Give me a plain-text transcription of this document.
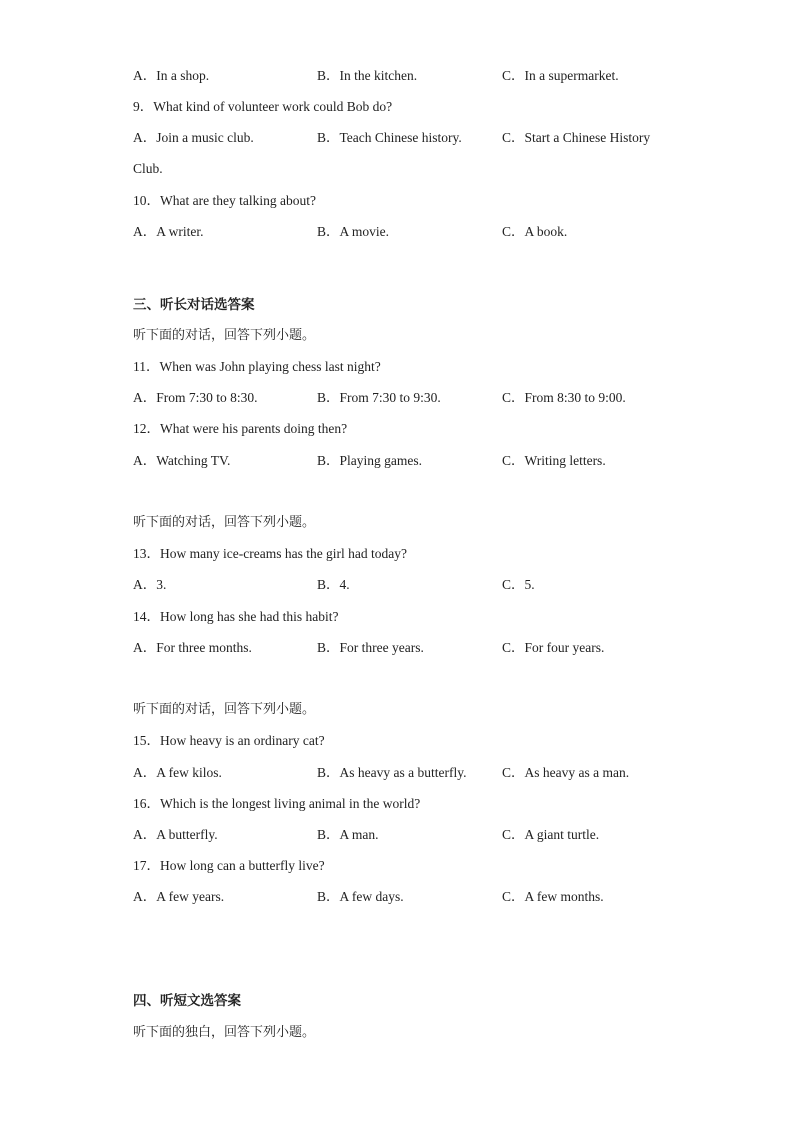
A．In a shop.	B．In the kitchen.	C．In a supermarket.
9．What kind of volunteer work could Bob do?
A．Join a music club.	B．Teach Chinese history.	C．Start a Chinese History
Club.
10．What are they talking about?
A．A writer.	B．A movie.	C．A book.
三、听长对话选答案
听下面的对话，回答下列小题。
11．When was John playing chess last night?
A．From 7:30 to 8:30.	B．From 7:30 to 9:30.	C．From 8:30 to 9:00.
12．What were his parents doing then?
A．Watching TV.	B．Playing games.	C．Writing letters.
听下面的对话，回答下列小题。
13．How many ice-creams has the girl had today?
A．3.	B．4.	C．5.
14．How long has she had this habit?
A．For three months.	B．For three years.	C．For four years.
听下面的对话，回答下列小题。
15．How heavy is an ordinary cat?
A．A few kilos.	B．As heavy as a butterfly.	C．As heavy as a man.
16．Which is the longest living animal in the world?
A．A butterfly.	B．A man.	C．A giant turtle.
17．How long can a butterfly live?
A．A few years.	B．A few days.	C．A few months.
四、听短文选答案
听下面的独白，回答下列小题。
